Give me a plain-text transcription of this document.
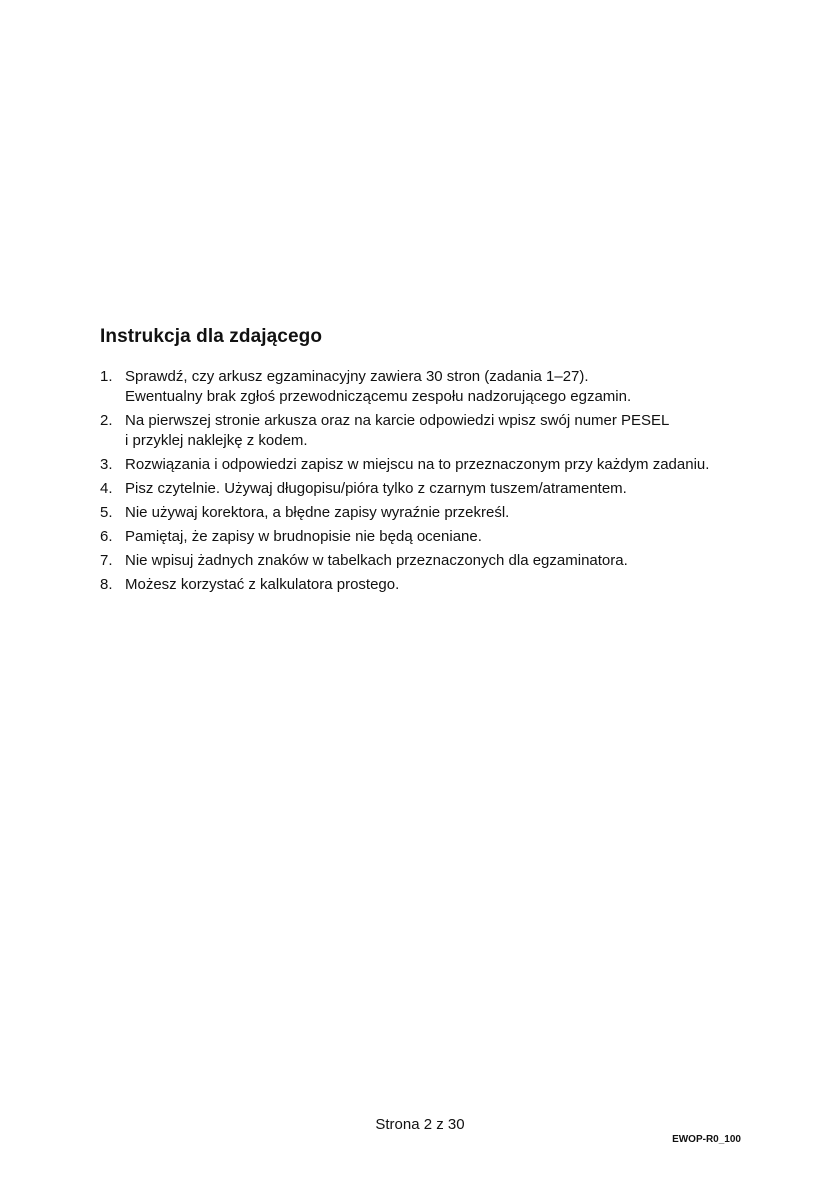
Instrukcja dla zdającego
1. Sprawdź, czy arkusz egzaminacyjny zawiera 30 stron (zadania 1–27).
Ewentualny brak zgłoś przewodniczącemu zespołu nadzorującego egzamin.
2. Na pierwszej stronie arkusza oraz na karcie odpowiedzi wpisz swój numer PESEL
i przyklej naklejkę z kodem.
3. Rozwiązania i odpowiedzi zapisz w miejscu na to przeznaczonym przy każdym zadaniu.
4. Pisz czytelnie. Używaj długopisu/pióra tylko z czarnym tuszem/atramentem.
5. Nie używaj korektora, a błędne zapisy wyraźnie przekreśl.
6. Pamiętaj, że zapisy w brudnopisie nie będą oceniane.
7. Nie wpisuj żadnych znaków w tabelkach przeznaczonych dla egzaminatora.
8. Możesz korzystać z kalkulatora prostego.
Strona 2 z 30
EWOP-R0_100
